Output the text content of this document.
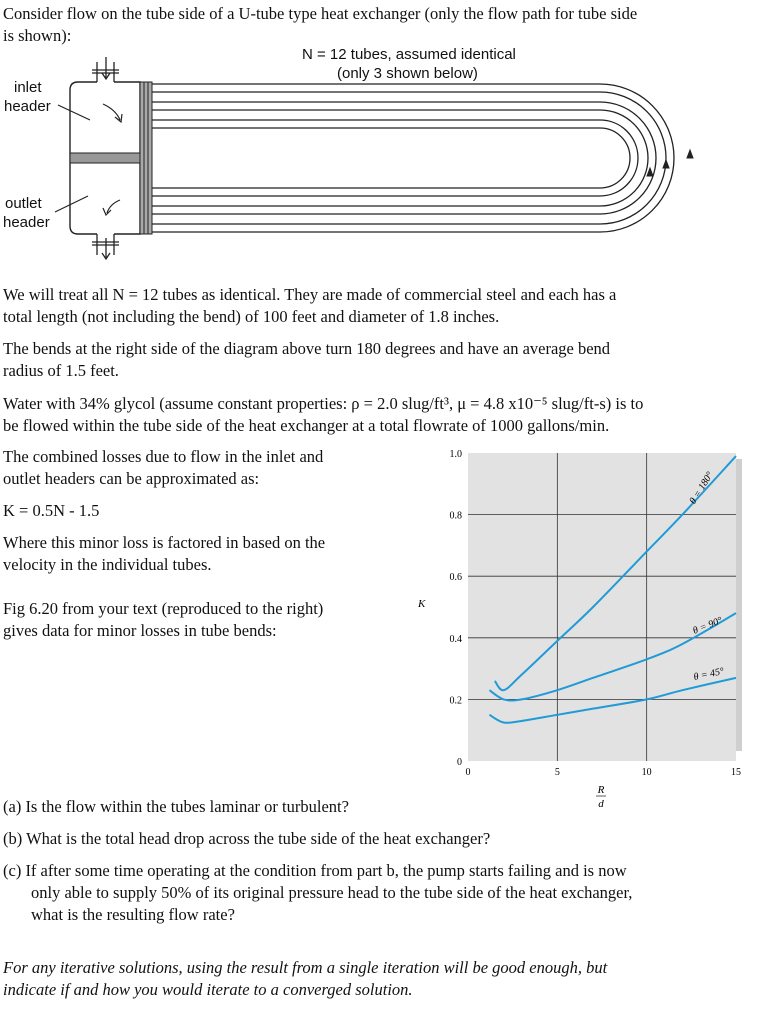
Consider flow on the tube side of a U-tube type heat exchanger (only the flow path for tube side
is shown):
N = 12 tubes, assumed identical
(only 3 shown below)
inlet
header
outlet
header
We will treat all N = 12 tubes as identical. They are made of commercial steel and each has a
total length (not including the bend) of 100 feet and diameter of 1.8 inches.
The bends at the right side of the diagram above turn 180 degrees and have an average bend
radius of 1.5 feet.
Water with 34% glycol (assume constant properties: ρ = 2.0 slug/ft³, μ = 4.8 x10⁻⁵ slug/ft-s) is to
be flowed within the tube side of the heat exchanger at a total flowrate of 1000 gallons/min.
The combined losses due to flow in the inlet and
outlet headers can be approximated as:
K = 0.5N - 1.5
Where this minor loss is factored in based on the
velocity in the individual tubes.
Fig 6.20 from your text (reproduced to the right)
gives data for minor losses in tube bends:
0
0.2
0.4
0.6
0.8
1.0
0	5	10	15
θ = 180°
θ = 90°
θ = 45°
K
R
d
(a) Is the flow within the tubes laminar or turbulent?
(b) What is the total head drop across the tube side of the heat exchanger?
(c) If after some time operating at the condition from part b, the pump starts failing and is now
only able to supply 50% of its original pressure head to the tube side of the heat exchanger,
what is the resulting flow rate?
For any iterative solutions, using the result from a single iteration will be good enough, but
indicate if and how you would iterate to a converged solution.
